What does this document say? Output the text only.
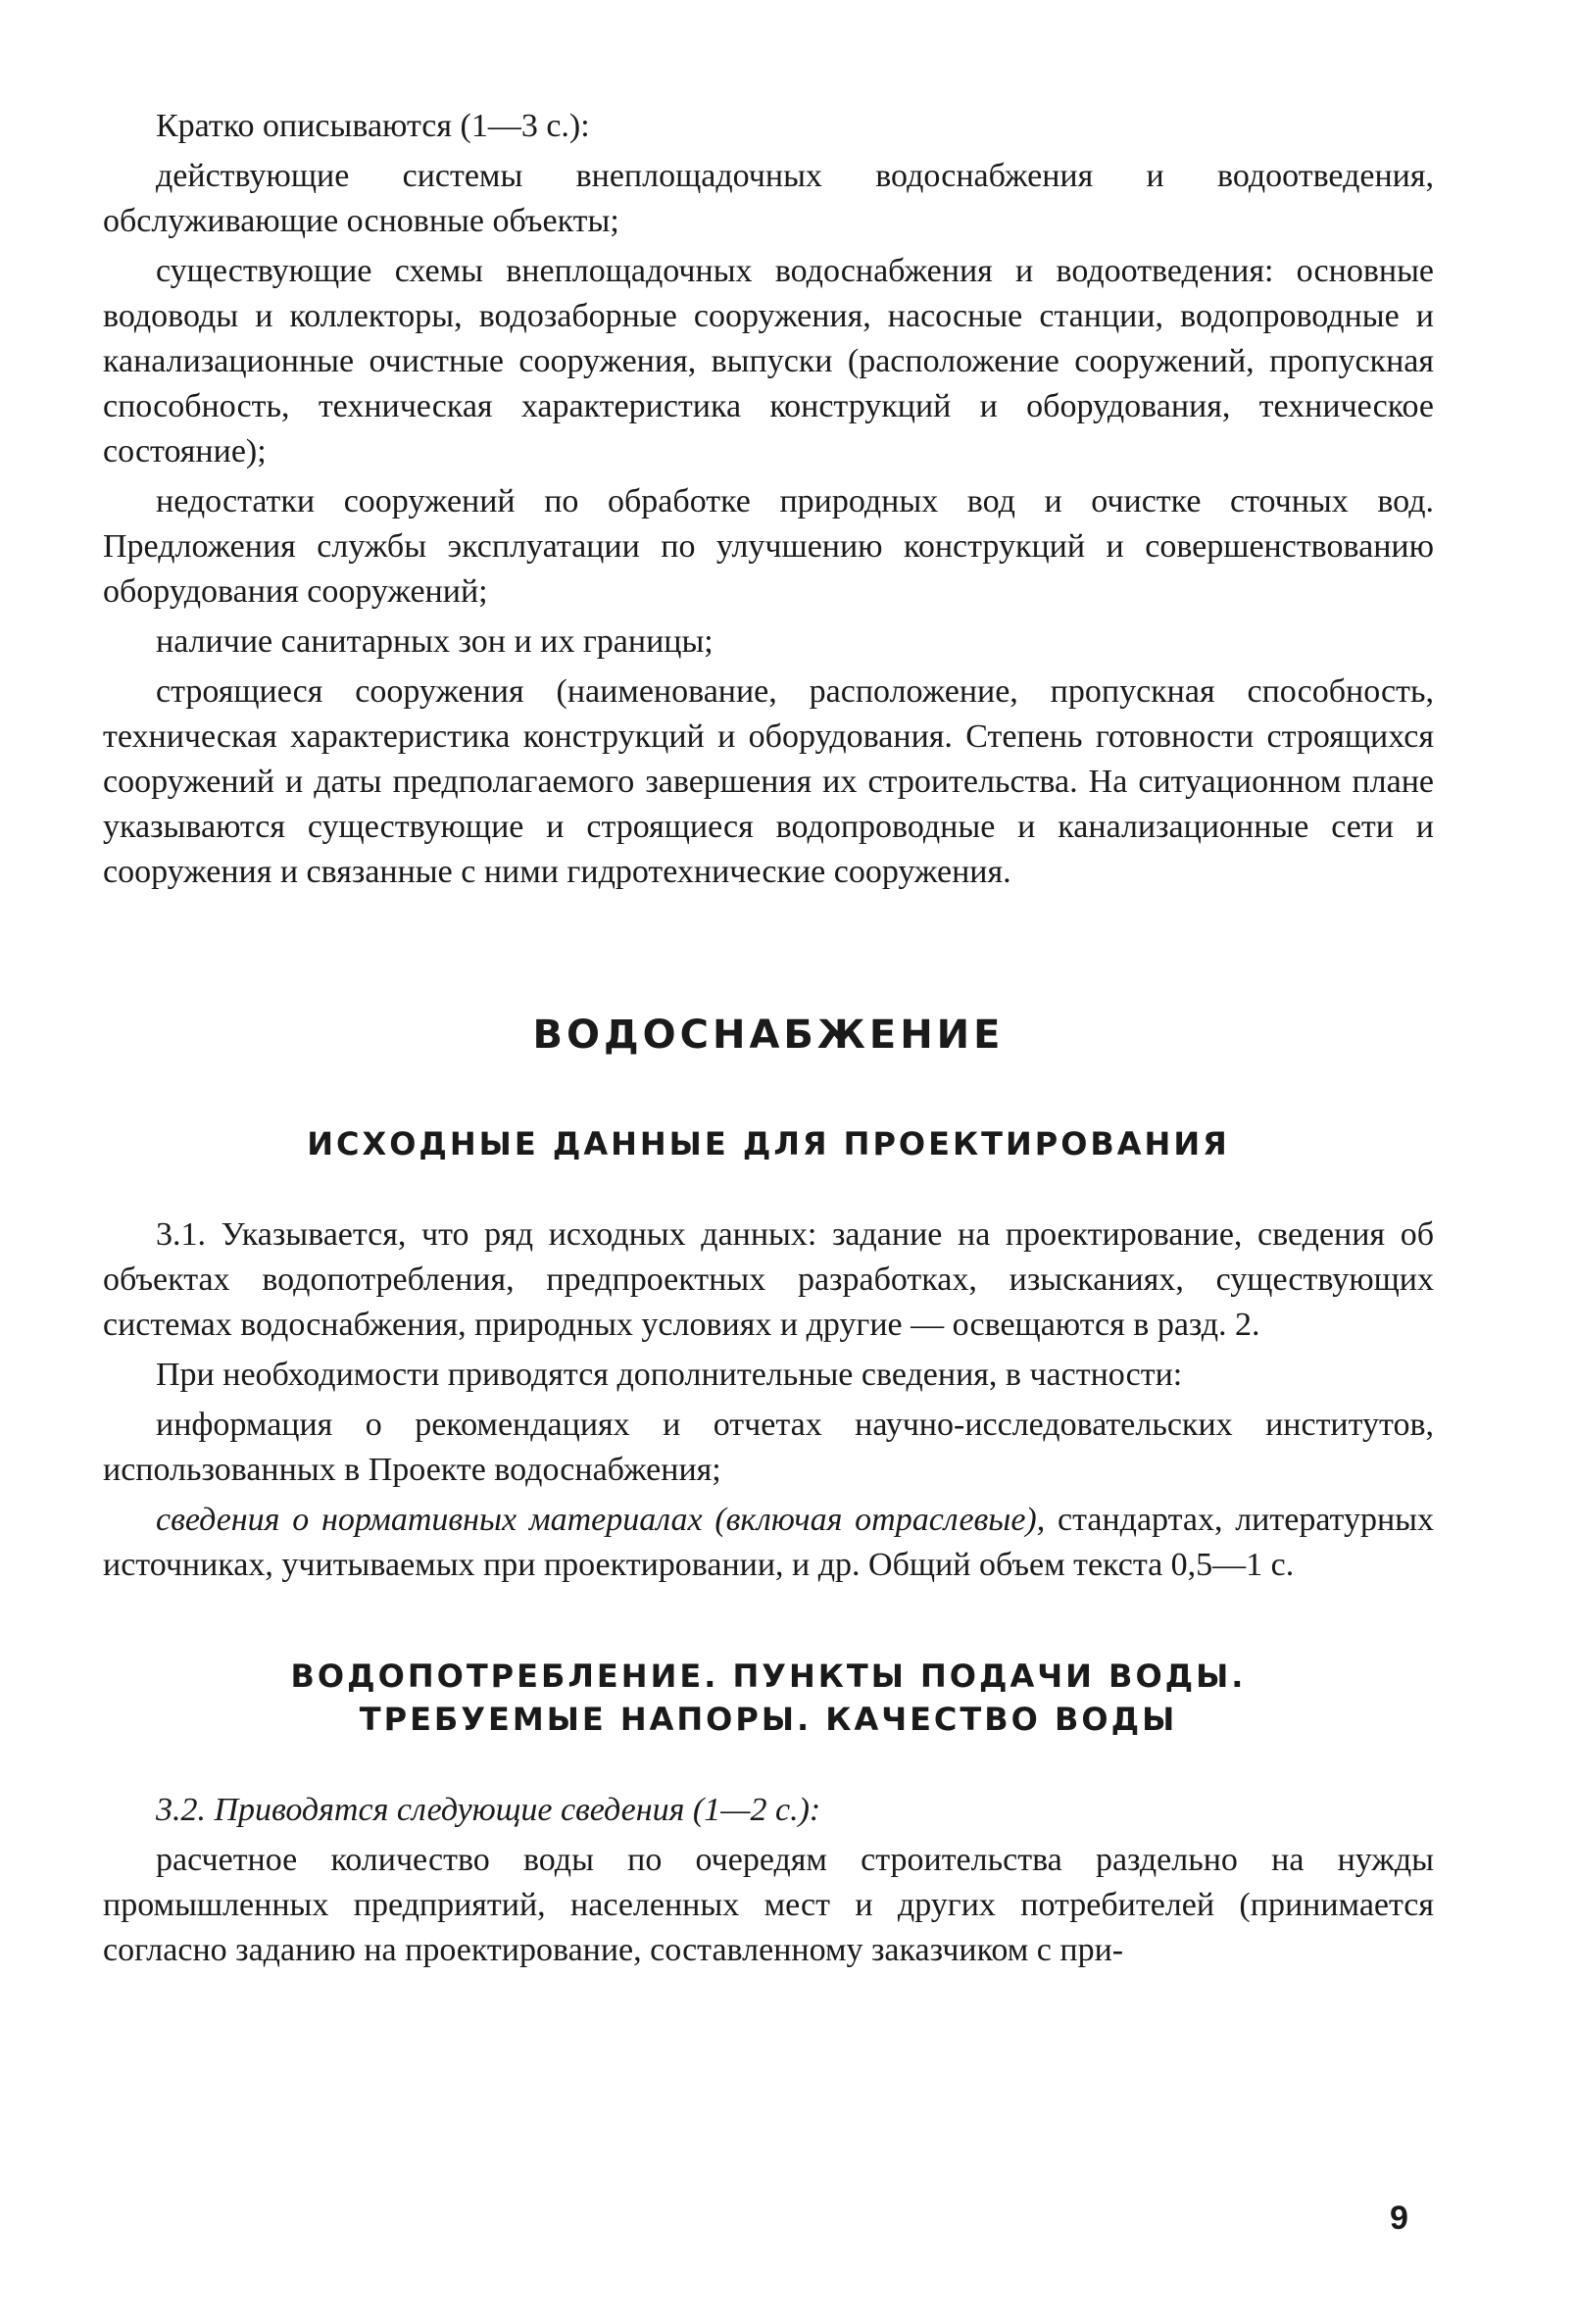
Кратко описываются (1—3 с.):

действующие системы внеплощадочных водоснабжения и водоотведения, обслуживающие основные объекты;

существующие схемы внеплощадочных водоснабжения и водоотведения: основные водоводы и коллекторы, водозаборные сооружения, насосные станции, водопроводные и канализационные очистные сооружения, выпуски (расположение сооружений, пропускная способность, техническая характеристика конструкций и оборудования, техническое состояние);

недостатки сооружений по обработке природных вод и очистке сточных вод. Предложения службы эксплуатации по улучшению конструкций и совершенствованию оборудования сооружений;

наличие санитарных зон и их границы;

строящиеся сооружения (наименование, расположение, пропускная способность, техническая характеристика конструкций и оборудования. Степень готовности строящихся сооружений и даты предполагаемого завершения их строительства. На ситуационном плане указываются существующие и строящиеся водопроводные и канализационные сети и сооружения и связанные с ними гидротехнические сооружения.

ВОДОСНАБЖЕНИЕ
ИСХОДНЫЕ ДАННЫЕ ДЛЯ ПРОЕКТИРОВАНИЯ

3.1. Указывается, что ряд исходных данных: задание на проектирование, сведения об объектах водопотребления, предпроектных разработках, изысканиях, существующих системах водоснабжения, природных условиях и другие — освещаются в разд. 2.

При необходимости приводятся дополнительные сведения, в частности:

информация о рекомендациях и отчетах научно-исследовательских институтов, использованных в Проекте водоснабжения;

сведения о нормативных материалах (включая отраслевые), стандартах, литературных источниках, учитываемых при проектировании, и др. Общий объем текста 0,5—1 с.

ВОДОПОТРЕБЛЕНИЕ. ПУНКТЫ ПОДАЧИ ВОДЫ.
ТРЕБУЕМЫЕ НАПОРЫ. КАЧЕСТВО ВОДЫ

3.2. Приводятся следующие сведения (1—2 с.):

расчетное количество воды по очередям строительства раздельно на нужды промышленных предприятий, населенных мест и других потребителей (принимается согласно заданию на проектирование, составленному заказчиком с при-

9
